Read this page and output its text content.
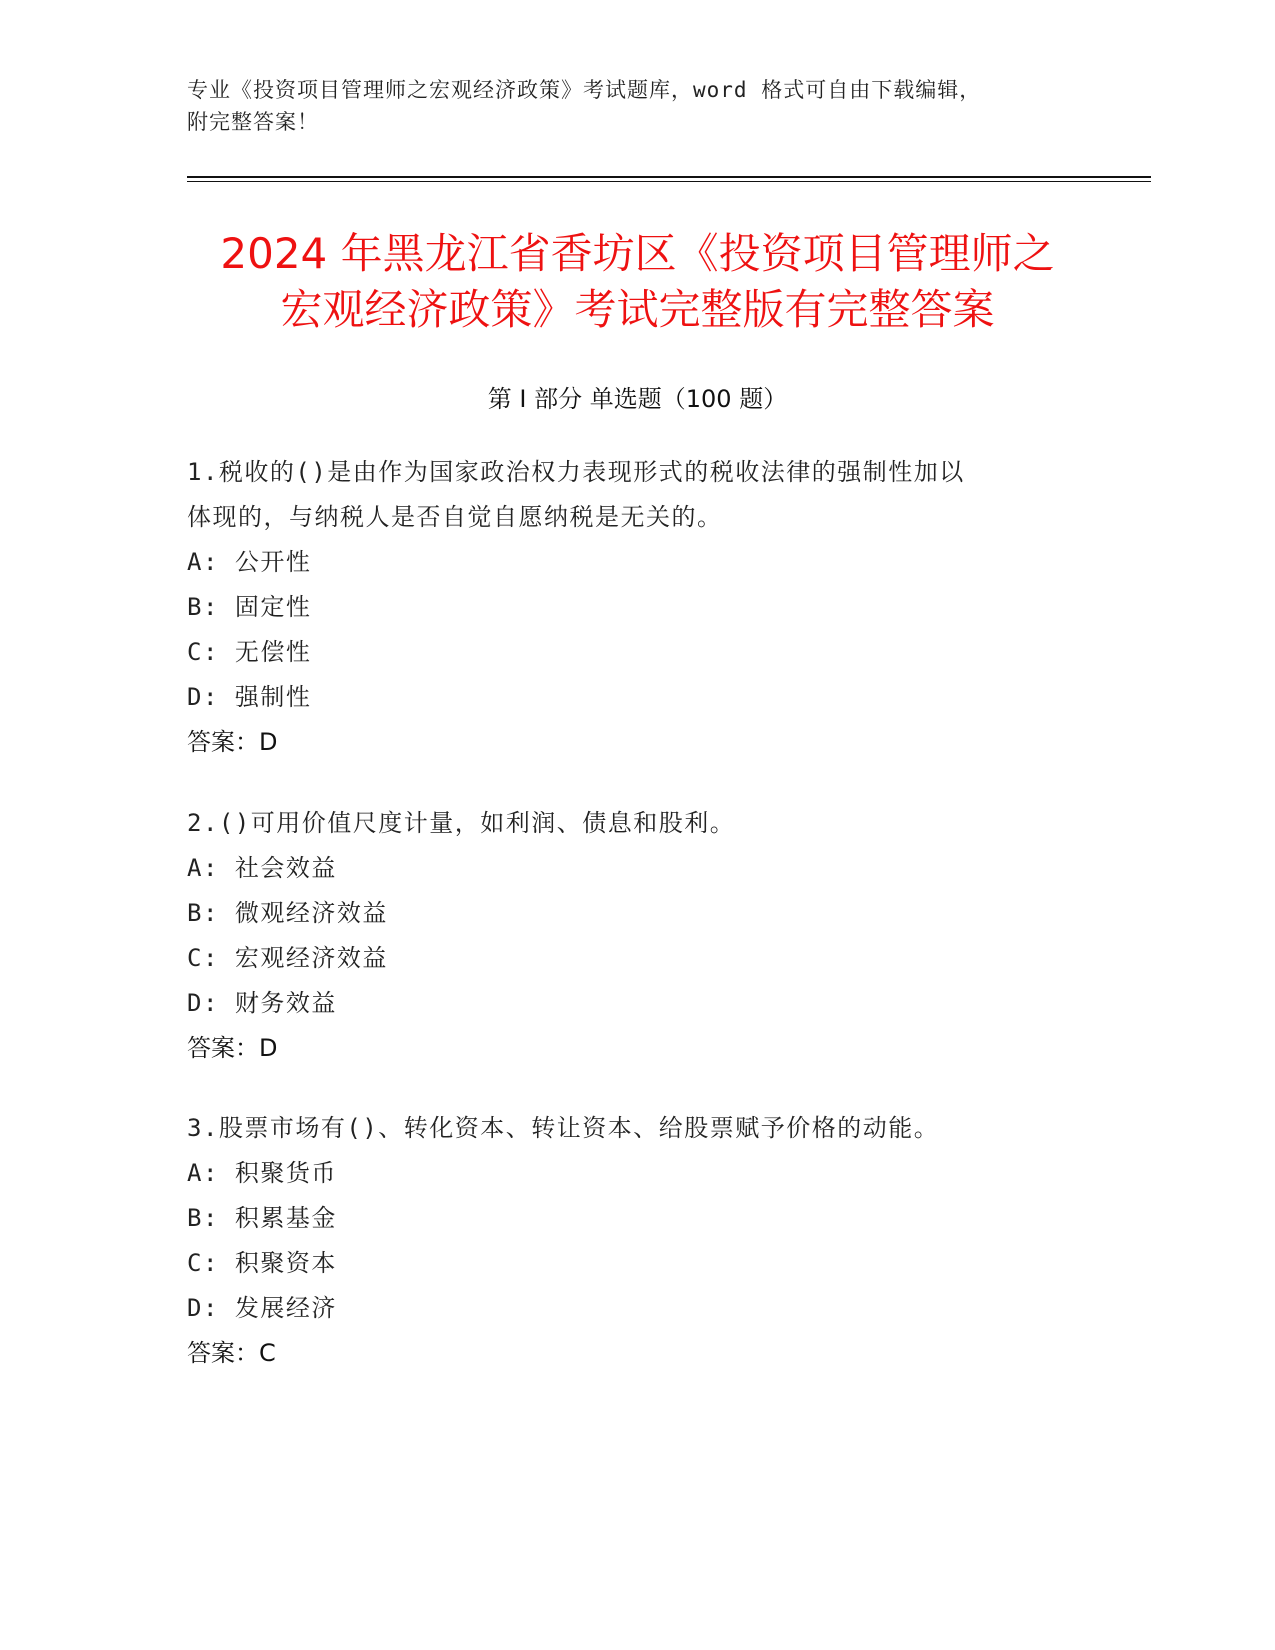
专业《投资项目管理师之宏观经济政策》考试题库，word 格式可自由下载编辑，
附完整答案！
2024 年黑龙江省香坊区《投资项目管理师之
宏观经济政策》考试完整版有完整答案
第 I 部分 单选题（100 题）
1.税收的()是由作为国家政治权力表现形式的税收法律的强制性加以
体现的，与纳税人是否自觉自愿纳税是无关的。
A: 公开性
B: 固定性
C: 无偿性
D: 强制性
答案：D
2.()可用价值尺度计量，如利润、债息和股利。
A: 社会效益
B: 微观经济效益
C: 宏观经济效益
D: 财务效益
答案：D
3.股票市场有()、转化资本、转让资本、给股票赋予价格的动能。
A: 积聚货币
B: 积累基金
C: 积聚资本
D: 发展经济
答案：C
